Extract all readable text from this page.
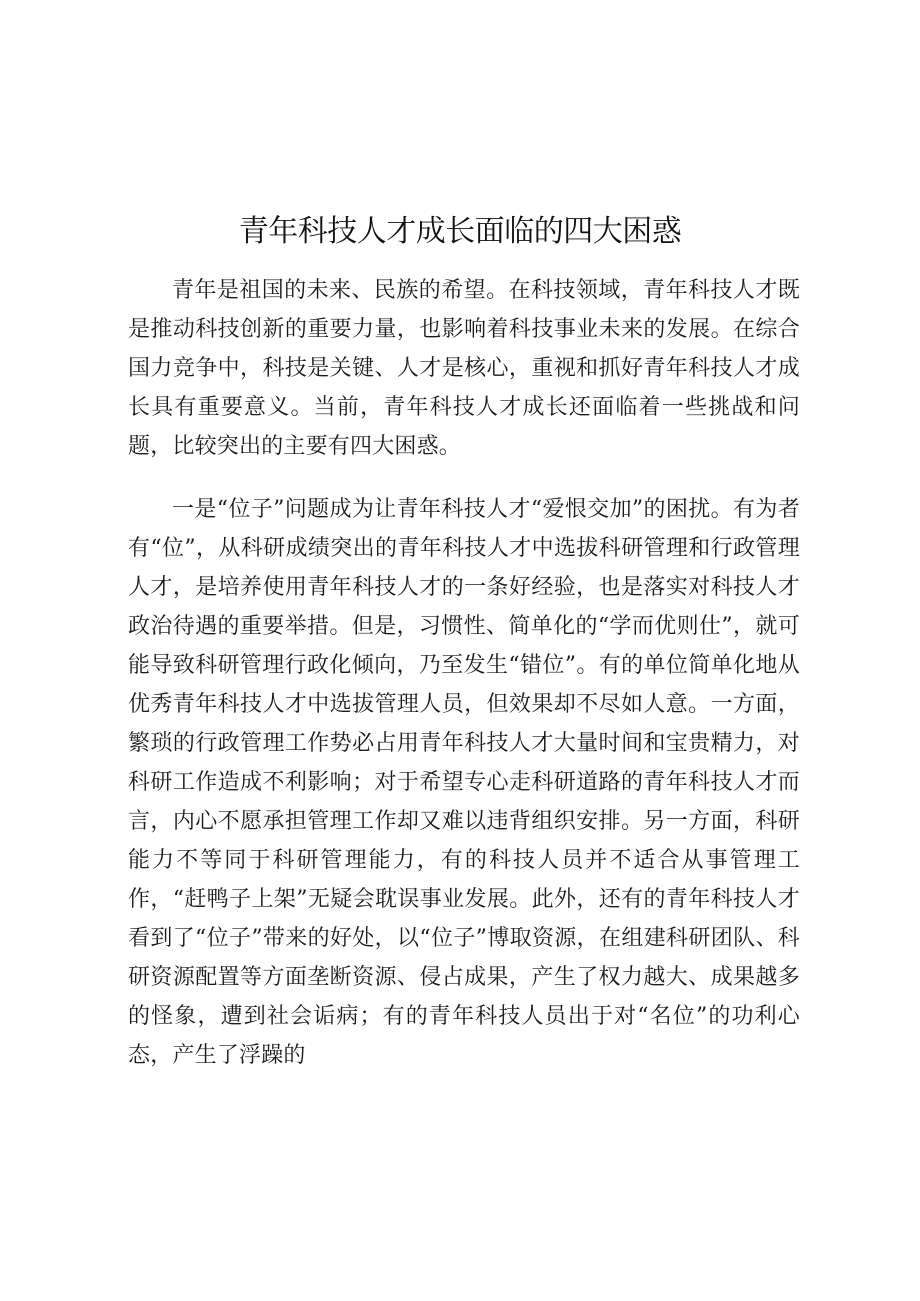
青年科技人才成长面临的四大困惑

青年是祖国的未来、民族的希望。在科技领域，青年科技人才既是推动科技创新的重要力量，也影响着科技事业未来的发展。在综合国力竞争中，科技是关键、人才是核心，重视和抓好青年科技人才成长具有重要意义。当前，青年科技人才成长还面临着一些挑战和问题，比较突出的主要有四大困惑。

一是“位子”问题成为让青年科技人才“爱恨交加”的困扰。有为者有“位”，从科研成绩突出的青年科技人才中选拔科研管理和行政管理人才，是培养使用青年科技人才的一条好经验，也是落实对科技人才政治待遇的重要举措。但是，习惯性、简单化的“学而优则仕”，就可能导致科研管理行政化倾向，乃至发生“错位”。有的单位简单化地从优秀青年科技人才中选拔管理人员，但效果却不尽如人意。一方面，繁琐的行政管理工作势必占用青年科技人才大量时间和宝贵精力，对科研工作造成不利影响；对于希望专心走科研道路的青年科技人才而言，内心不愿承担管理工作却又难以违背组织安排。另一方面，科研能力不等同于科研管理能力，有的科技人员并不适合从事管理工作，“赶鸭子上架”无疑会耽误事业发展。此外，还有的青年科技人才看到了“位子”带来的好处，以“位子”博取资源，在组建科研团队、科研资源配置等方面垄断资源、侵占成果，产生了权力越大、成果越多的怪象，遭到社会诟病；有的青年科技人员出于对“名位”的功利心态，产生了浮躁的
